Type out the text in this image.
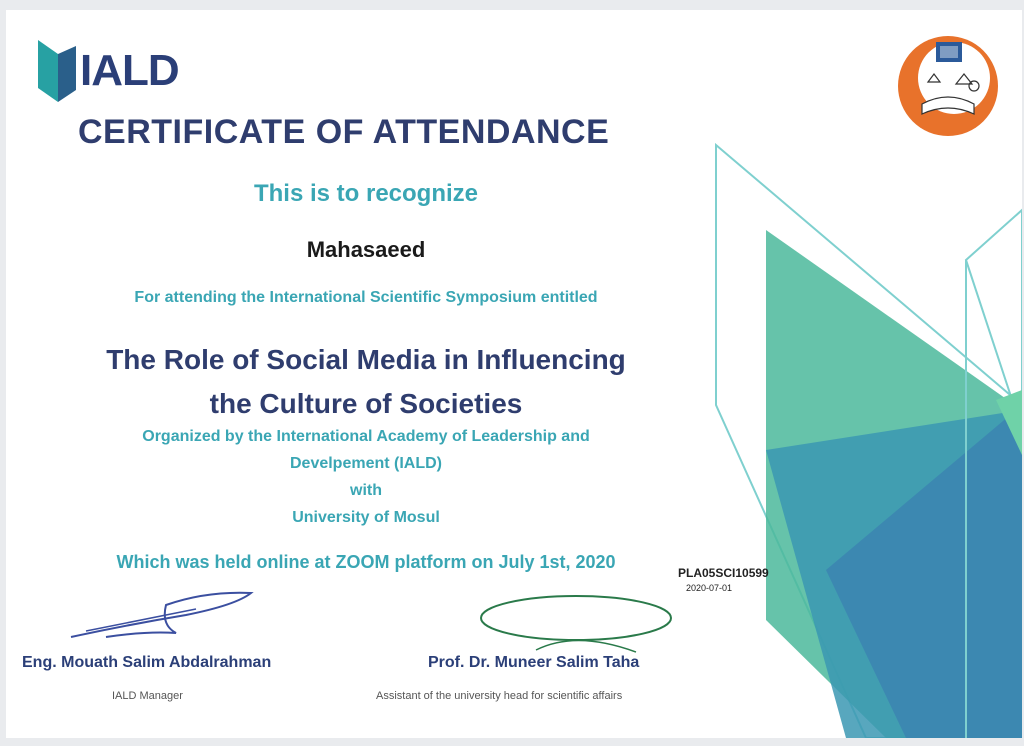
IALD
CERTIFICATE OF ATTENDANCE
This is to recognize
Mahasaeed
For attending the International Scientific Symposium entitled
The Role of Social Media in Influencing
the Culture of Societies
Organized by the International Academy of Leadership and
Develpement (IALD)
with
University of Mosul
Which was held online at ZOOM platform on July 1st, 2020
PLA05SCI10599
2020-07-01
Eng. Mouath Salim Abdalrahman
IALD Manager
Prof. Dr. Muneer Salim Taha
Assistant of the university head for scientific affairs
